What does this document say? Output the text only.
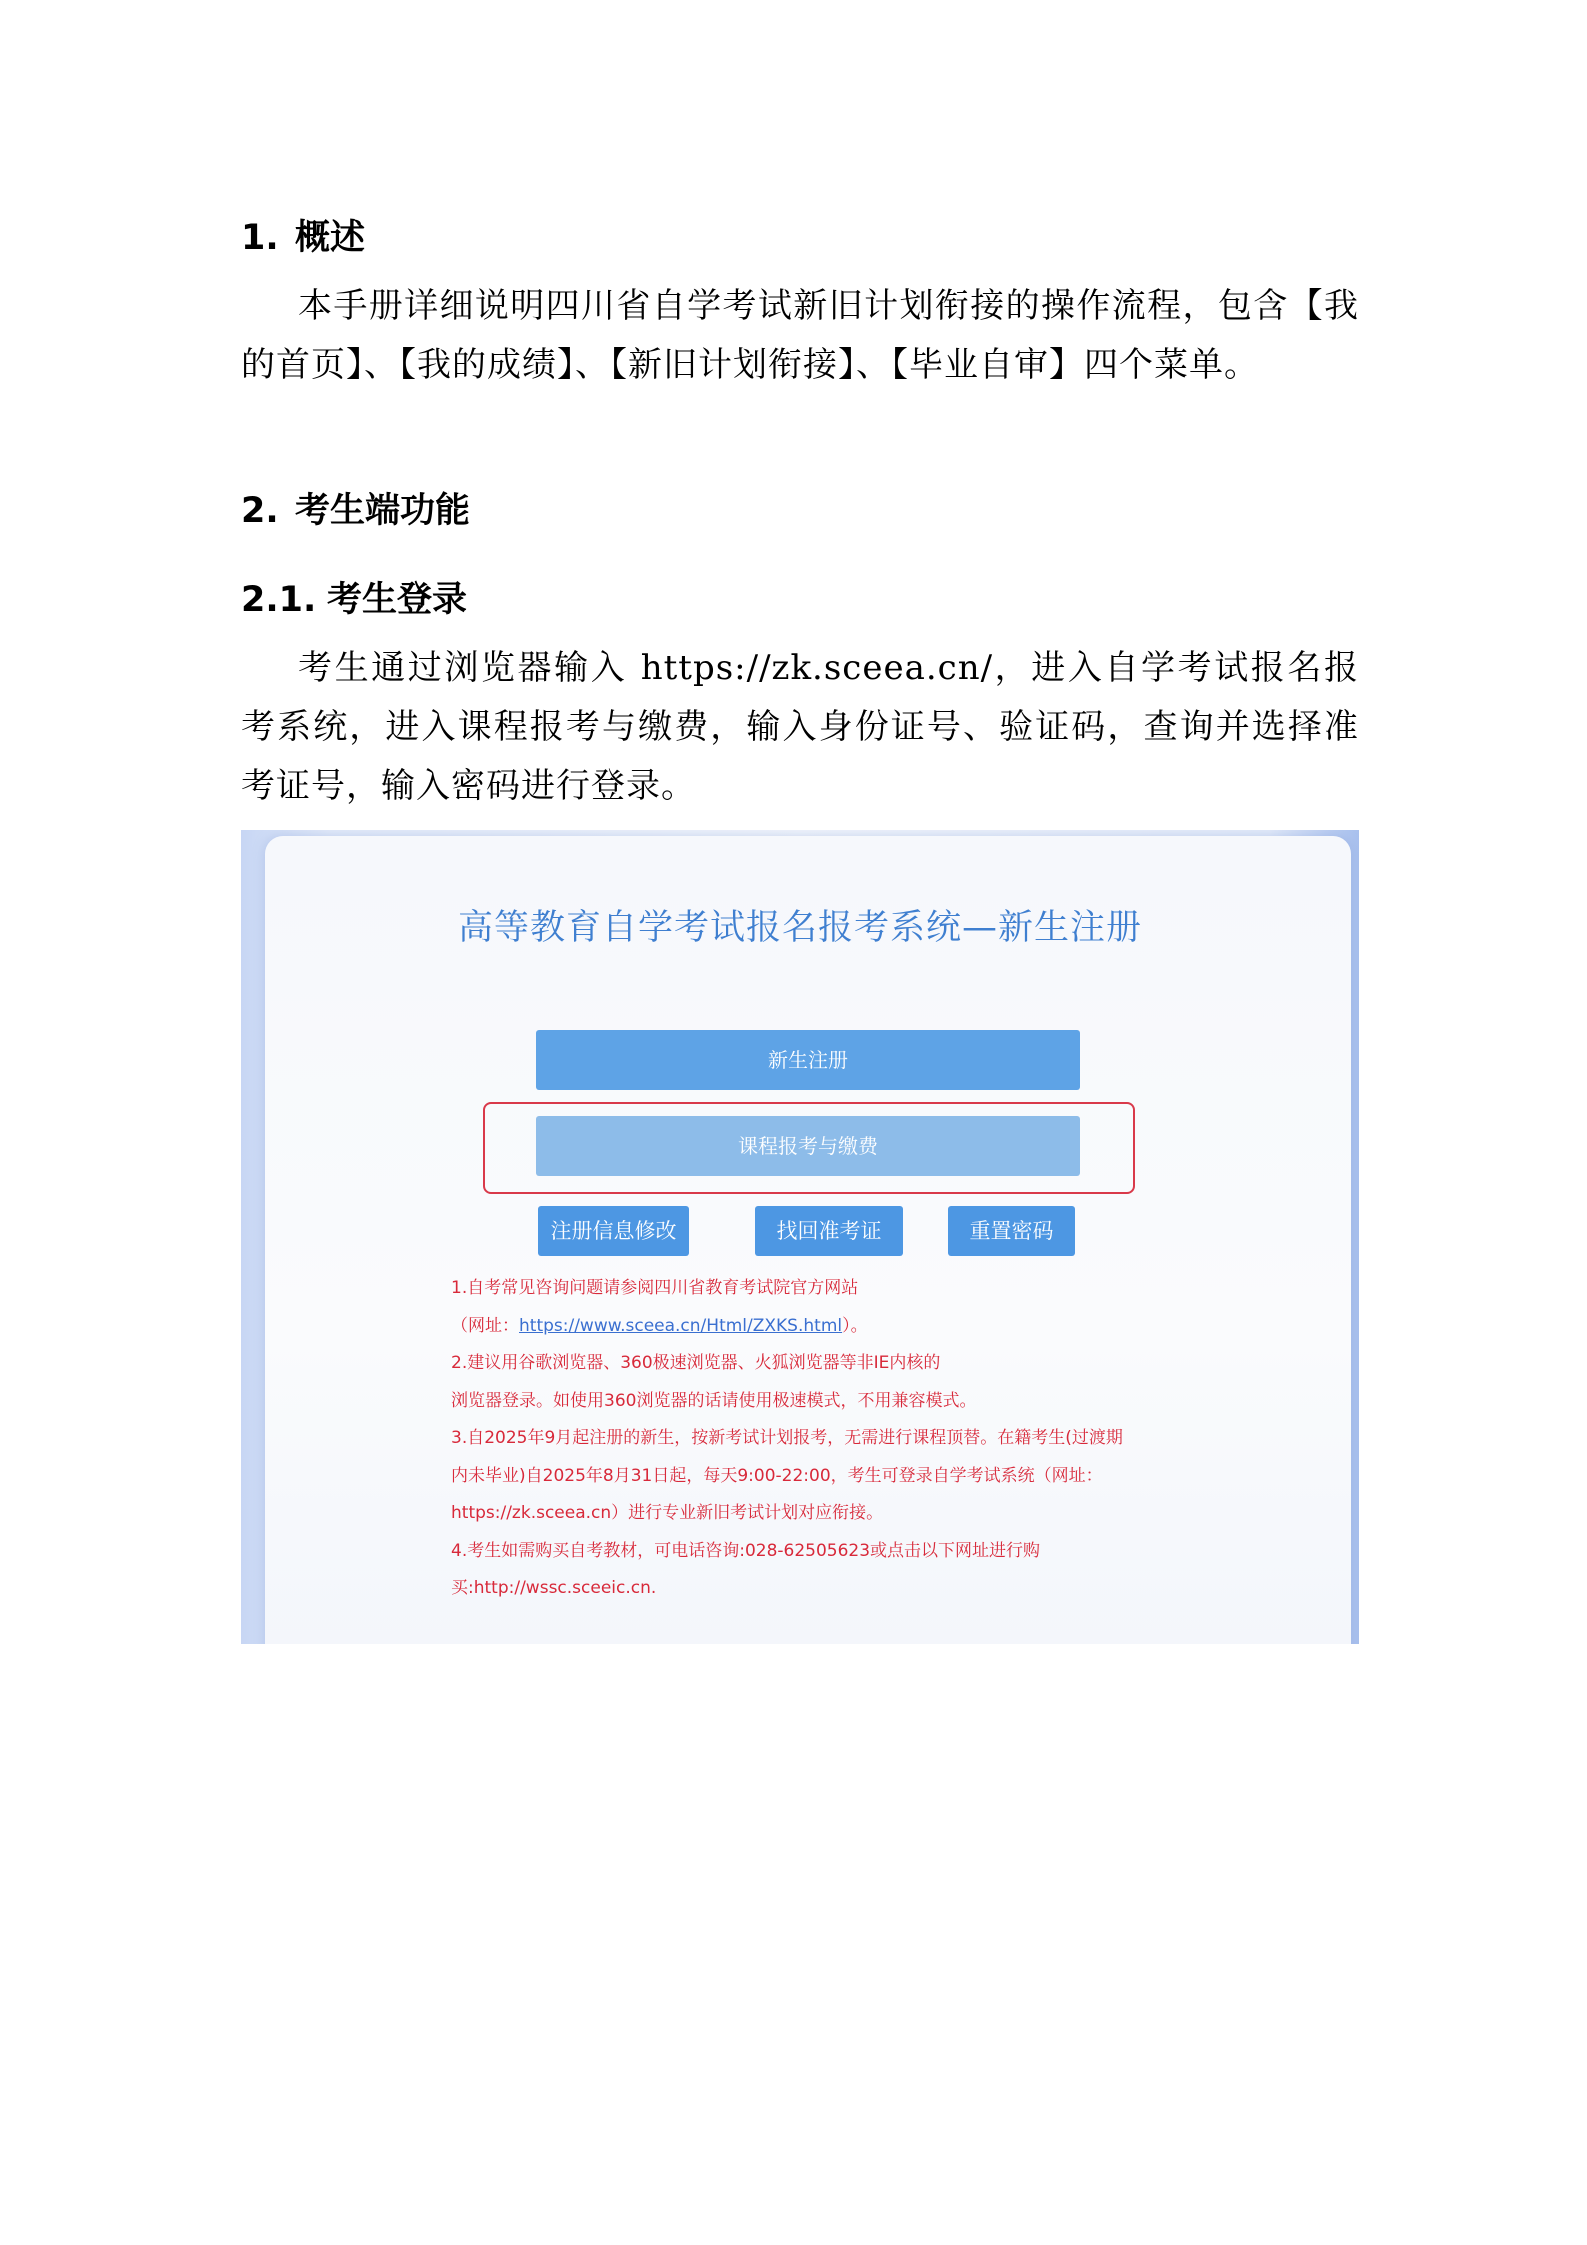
1. 概述

本手册详细说明四川省自学考试新旧计划衔接的操作流程，包含【我的首页】、【我的成绩】、【新旧计划衔接】、【毕业自审】四个菜单。

2. 考生端功能
2.1. 考生登录

考生通过浏览器输入 https://zk.sceea.cn/，进入自学考试报名报考系统，进入课程报考与缴费，输入身份证号、验证码，查询并选择准考证号，输入密码进行登录。

高等教育自学考试报名报考系统—新生注册
新生注册
课程报考与缴费
注册信息修改	找回准考证	重置密码
1.自考常见咨询问题请参阅四川省教育考试院官方网站
（网址：https://www.sceea.cn/Html/ZXKS.html）。
2.建议用谷歌浏览器、360极速浏览器、火狐浏览器等非IE内核的
浏览器登录。如使用360浏览器的话请使用极速模式，不用兼容模式。
3.自2025年9月起注册的新生，按新考试计划报考，无需进行课程顶替。在籍考生(过渡期
内未毕业)自2025年8月31日起，每天9:00-22:00，考生可登录自学考试系统（网址：
https://zk.sceea.cn）进行专业新旧考试计划对应衔接。
4.考生如需购买自考教材，可电话咨询:028-62505623或点击以下网址进行购
买:http://wssc.sceeic.cn.
